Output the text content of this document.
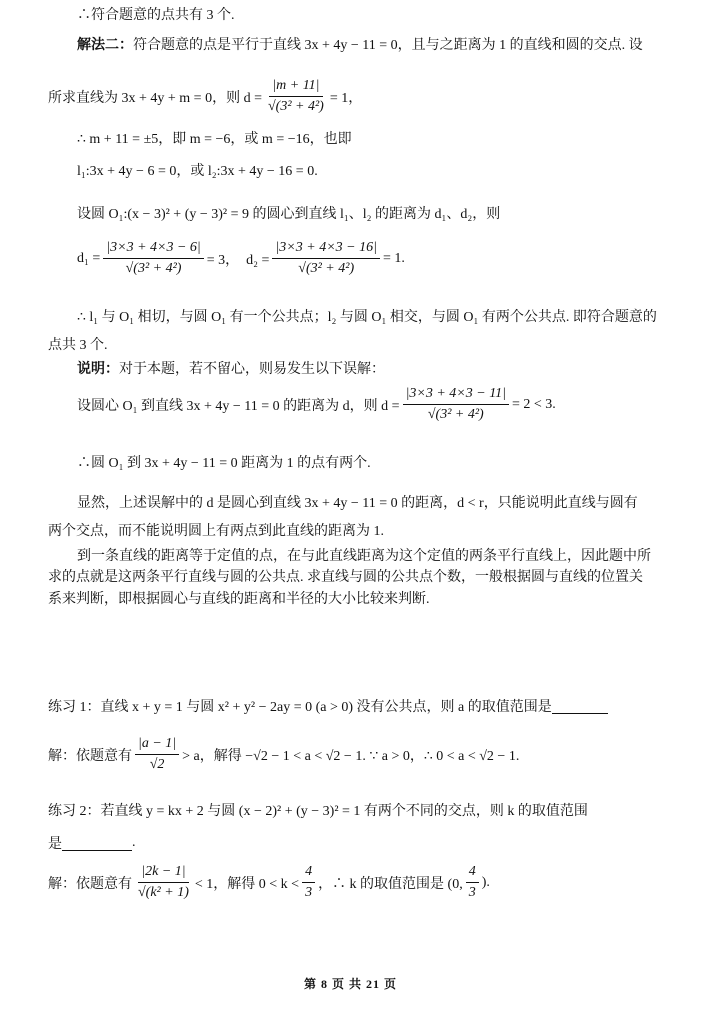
第 8 页 共 21 页
∴符合题意的点共有 3 个.
解法二： 符合题意的点是平行于直线 3x + 4y − 11 = 0，且与之距离为 1 的直线和圆的交点. 设
所求直线为 3x + 4y + m = 0，则 $d = \frac{|m + 11|}{\text{√(3² + 4²)}} = 1$，
∴ m + 11 = ±5，即 m = −6，或 m = −16，也即
l₁:3x + 4y − 6 = 0，或 l₂:3x + 4y − 16 = 0.
设圆 O₁:(x − 3)² + (y − 3)² = 9 的圆心到直线 l₁、l₂ 的距离为 d₁、d₂，则
$d_1 = \frac{|3\times 3 + 4\times 3 - 6|}{\text{√(3² + 4²)}} = 3$，  $d_2 = \frac{|3\times 3 + 4\times 3 - 16|}{\text{√(3² + 4²)}} = 1$.
∴ l₁ 与 O₁ 相切，与圆 O₁ 有一个公共点；l₂ 与圆 O₁ 相交，与圆 O₁ 有两个公共点. 即符合题意的
点共 3 个.
说明： 对于本题，若不留心，则易发生以下误解：
设圆心 O₁ 到直线 3x + 4y − 11 = 0 的距离为 d，则 $d = \frac{|3\times 3 + 4\times 3 - 11|}{\text{√(3² + 4²)}} = 2 < 3$.
∴圆 O₁ 到 3x + 4y − 11 = 0 距离为 1 的点有两个.
显然，上述误解中的 d 是圆心到直线 3x + 4y − 11 = 0 的距离，d < r，只能说明此直线与圆有
两个交点，而不能说明圆上有两点到此直线的距离为 1.
到一条直线的距离等于定值的点，在与此直线距离为这个定值的两条平行直线上，因此题中所
求的点就是这两条平行直线与圆的公共点. 求直线与圆的公共点个数，一般根据圆与直线的位置关
系来判断，即根据圆心与直线的距离和半径的大小比较来判断.
练习 1：直线 x + y = 1 与圆 x² + y² − 2ay = 0 (a > 0) 没有公共点，则 a 的取值范围是
解：依题意有 $\frac{|a - 1|}{√2} > a$，解得 −√2 − 1 < a < √2 − 1. ∵ a > 0，∴ 0 < a < √2 − 1.
练习 2：若直线 y = kx + 2 与圆 (x − 2)² + (y − 3)² = 1 有两个不同的交点，则 k 的取值范围
是	.
解：依题意有 $\frac{|2k - 1|}{\text{√(k² + 1)}} < 1$，解得 $0 < k < \frac{4}{3}$ ，∴ k 的取值范围是 (0, $\frac{4}{3}$ ).
